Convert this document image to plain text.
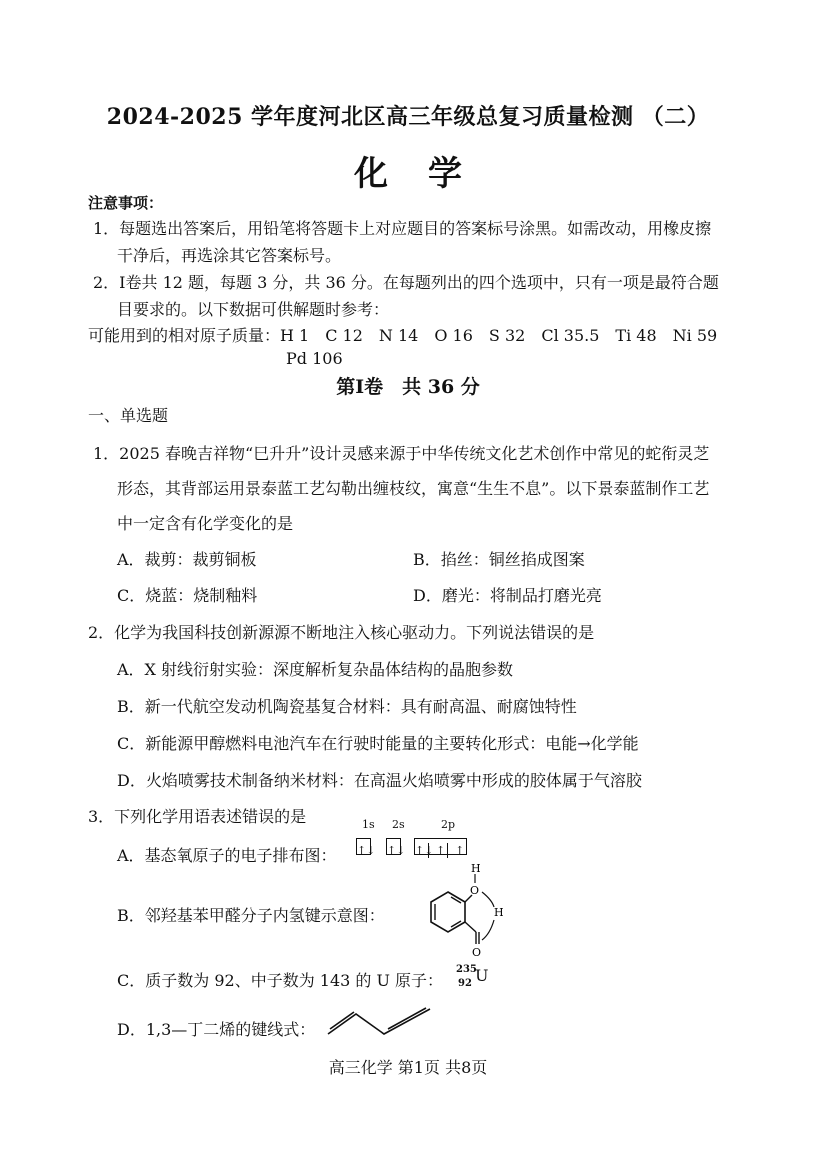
2024-2025 学年度河北区高三年级总复习质量检测 （二）
化学
注意事项：
1．每题选出答案后，用铅笔将答题卡上对应题目的答案标号涂黑。如需改动，用橡皮擦
干净后，再选涂其它答案标号。
2．Ⅰ卷共 12 题，每题 3 分，共 36 分。在每题列出的四个选项中，只有一项是最符合题
目要求的。以下数据可供解题时参考：
可能用到的相对原子质量：H 1　C 12　N 14　O 16　S 32　Cl 35.5　Ti 48　Ni 59
Pd 106
第Ⅰ卷　共 36 分
一、单选题
1．2025 春晚吉祥物“巳升升”设计灵感来源于中华传统文化艺术创作中常见的蛇衔灵芝
形态，其背部运用景泰蓝工艺勾勒出缠枝纹，寓意“生生不息”。以下景泰蓝制作工艺
中一定含有化学变化的是
A．裁剪：裁剪铜板	B．掐丝：铜丝掐成图案
C．烧蓝：烧制釉料	D．磨光：将制品打磨光亮
2．化学为我国科技创新源源不断地注入核心驱动力。下列说法错误的是
A．X 射线衍射实验：深度解析复杂晶体结构的晶胞参数
B．新一代航空发动机陶瓷基复合材料：具有耐高温、耐腐蚀特性
C．新能源甲醇燃料电池汽车在行驶时能量的主要转化形式：电能→化学能
D．火焰喷雾技术制备纳米材料：在高温火焰喷雾中形成的胶体属于气溶胶
3．下列化学用语表述错误的是
A．基态氧原子的电子排布图：
1s 2s	2p
↑↓ ↑↓ ↑↓ ↑ ↑
B．邻羟基苯甲醛分子内氢键示意图：
O
H
H
O
C．质子数为 92、中子数为 143 的 U 原子：
235
92 U
D．1,3—丁二烯的键线式：
高三化学 第1页 共8页
